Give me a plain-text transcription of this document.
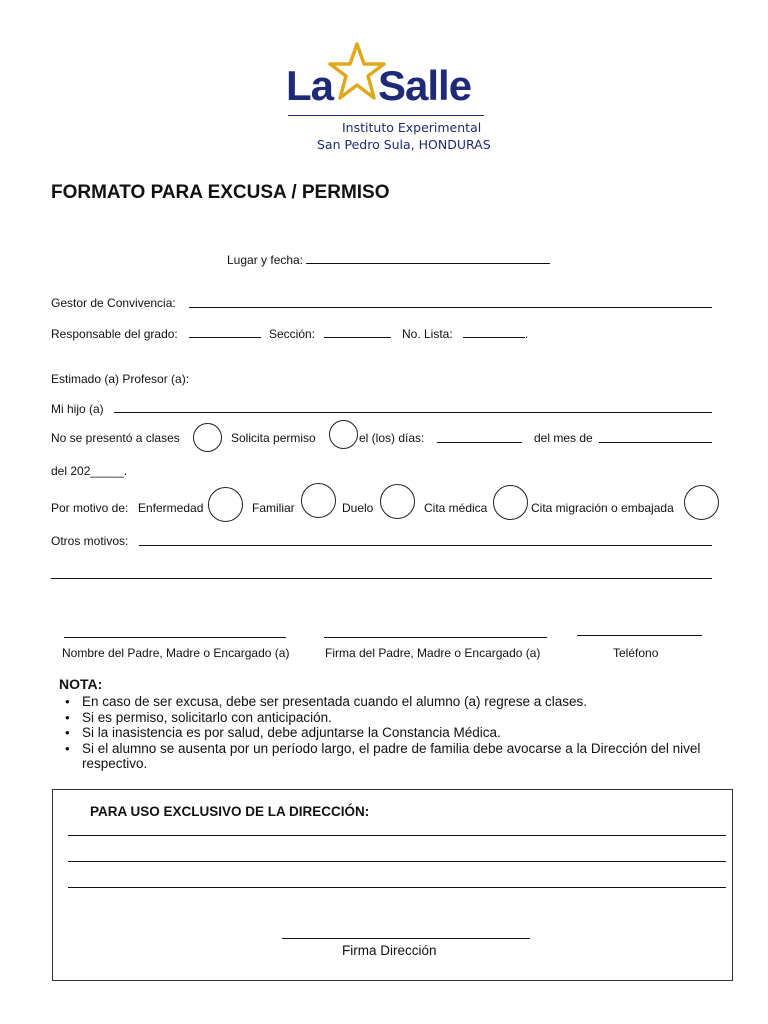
La Salle
Instituto Experimental
San Pedro Sula, HONDURAS
FORMATO PARA EXCUSA / PERMISO
Lugar y fecha:
Gestor de Convivencia:
Responsable del grado:	Sección:	No. Lista:	.
Estimado (a) Profesor (a):
Mi hijo (a)
No se presentó a clases	Solicita permiso	el (los) días:	del mes de
del 202_____.
Por motivo de: Enfermedad	Familiar	Duelo	Cita médica	Cita migración o embajada
Otros motivos:
Nombre del Padre, Madre o Encargado (a)	Firma del Padre, Madre o Encargado (a)	Teléfono
NOTA:
• En caso de ser excusa, debe ser presentada cuando el alumno (a) regrese a clases.
• Si es permiso, solicitarlo con anticipación.
• Si la inasistencia es por salud, debe adjuntarse la Constancia Médica.
• Si el alumno se ausenta por un período largo, el padre de familia debe avocarse a la Dirección del nivel respectivo.
PARA USO EXCLUSIVO DE LA DIRECCIÓN:
Firma Dirección
